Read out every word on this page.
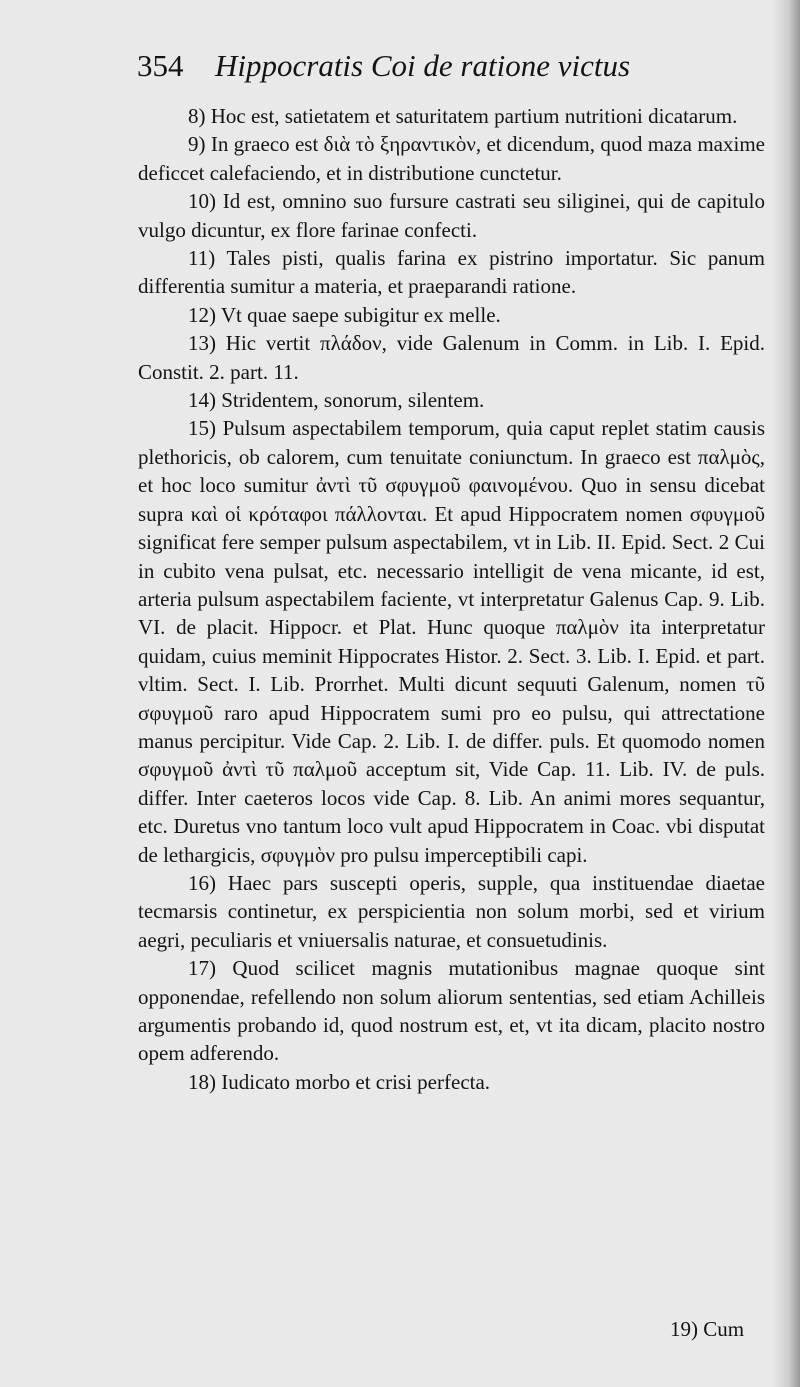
354 Hippocratis Coi de ratione victus

8) Hoc est, satietatem et saturitatem partium nutritioni dicatarum.

9) In graeco est διὰ τὸ ξηραντικὸν, et dicendum, quod maza maxime deficcet calefaciendo, et in distributione cunctetur.

10) Id est, omnino suo fursure castrati seu siliginei, qui de capitulo vulgo dicuntur, ex flore farinae confecti.

11) Tales pisti, qualis farina ex pistrino importatur. Sic panum differentia sumitur a materia, et praeparandi ratione.

12) Vt quae saepe subigitur ex melle.

13) Hic vertit πλάδον, vide Galenum in Comm. in Lib. I. Epid. Constit. 2. part. 11.

14) Stridentem, sonorum, silentem.

15) Pulsum aspectabilem temporum, quia caput replet statim causis plethoricis, ob calorem, cum tenuitate coniunctum. In graeco est παλμὸς, et hoc loco sumitur ἀντὶ τῦ σφυγμοῦ φαινομένου. Quo in sensu dicebat supra καὶ οἱ κρόταφοι πάλλονται. Et apud Hippocratem nomen σφυγμοῦ significat fere semper pulsum aspectabilem, vt in Lib. II. Epid. Sect. 2 Cui in cubito vena pulsat, etc. necessario intelligit de vena micante, id est, arteria pulsum aspectabilem faciente, vt interpretatur Galenus Cap. 9. Lib. VI. de placit. Hippocr. et Plat. Hunc quoque παλμὸν ita interpretatur quidam, cuius meminit Hippocrates Histor. 2. Sect. 3. Lib. I. Epid. et part. vltim. Sect. I. Lib. Prorrhet. Multi dicunt sequuti Galenum, nomen τῦ σφυγμοῦ raro apud Hippocratem sumi pro eo pulsu, qui attrectatione manus percipitur. Vide Cap. 2. Lib. I. de differ. puls. Et quomodo nomen σφυγμοῦ ἀντὶ τῦ παλμοῦ acceptum sit, Vide Cap. 11. Lib. IV. de puls. differ. Inter caeteros locos vide Cap. 8. Lib. An animi mores sequantur, etc. Duretus vno tantum loco vult apud Hippocratem in Coac. vbi disputat de lethargicis, σφυγμὸν pro pulsu imperceptibili capi.

16) Haec pars suscepti operis, supple, qua instituendae diaetae tecmarsis continetur, ex perspicientia non solum morbi, sed et virium aegri, peculiaris et vniuersalis naturae, et consuetudinis.

17) Quod scilicet magnis mutationibus magnae quoque sint opponendae, refellendo non solum aliorum sententias, sed etiam Achilleis argumentis probando id, quod nostrum est, et, vt ita dicam, placito nostro opem adferendo.

18) Iudicato morbo et crisi perfecta.

19) Cum
